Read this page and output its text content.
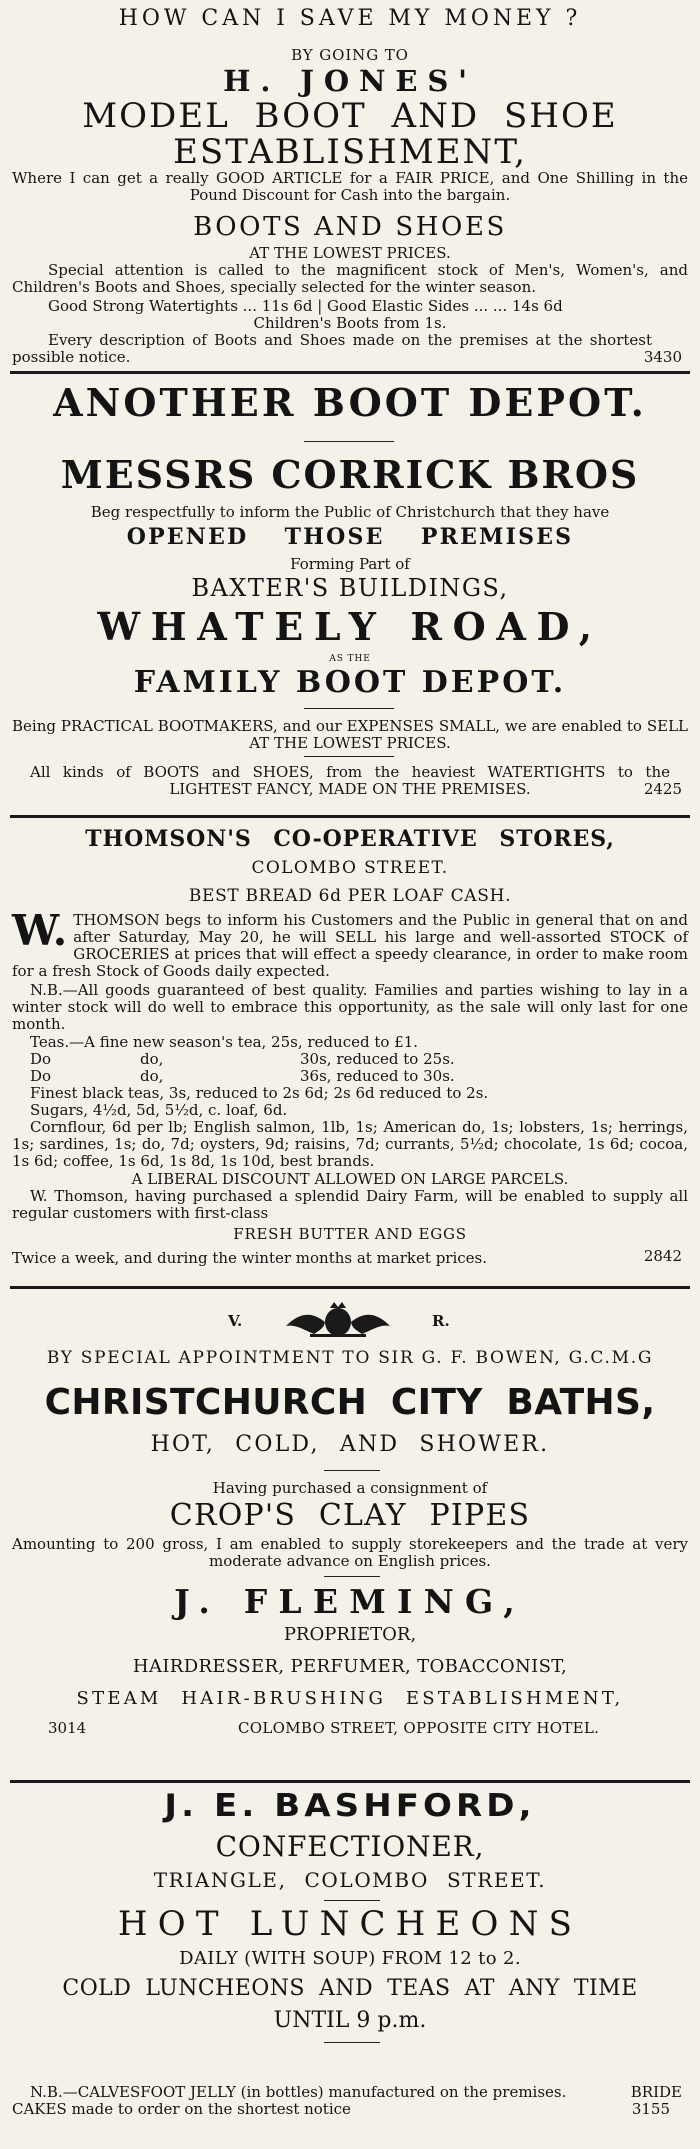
HOW CAN I SAVE MY MONEY ?
BY GOING TO
H. JONES'
MODEL BOOT AND SHOE
ESTABLISHMENT,
Where I can get a really GOOD ARTICLE for a FAIR PRICE, and One Shilling in the Pound Discount for Cash into the bargain.
BOOTS AND SHOES
AT THE LOWEST PRICES.
Special attention is called to the magnificent stock of Men's, Women's, and Children's Boots and Shoes, specially selected for the winter season.
Good Strong Watertights ... 11s 6d | Good Elastic Sides ... ... 14s 6d
Children's Boots from 1s.
Every description of Boots and Shoes made on the premises at the shortest possible notice.	3430
ANOTHER BOOT DEPOT.
MESSRS CORRICK BROS
Beg respectfully to inform the Public of Christchurch that they have
OPENED THOSE PREMISES
Forming Part of
BAXTER'S BUILDINGS,
WHATELY ROAD,
AS THE
FAMILY BOOT DEPOT.
Being PRACTICAL BOOTMAKERS, and our EXPENSES SMALL, we are enabled to SELL AT THE LOWEST PRICES.
All kinds of BOOTS and SHOES, from the heaviest WATERTIGHTS to the LIGHTEST FANCY, MADE ON THE PREMISES.	2425
THOMSON'S CO-OPERATIVE STORES,
COLOMBO STREET.
BEST BREAD 6d PER LOAF CASH.
W. THOMSON begs to inform his Customers and the Public in general that on and after Saturday, May 20, he will SELL his large and well-assorted STOCK of GROCERIES at prices that will effect a speedy clearance, in order to make room for a fresh Stock of Goods daily expected.
N.B.—All goods guaranteed of best quality. Families and parties wishing to lay in a winter stock will do well to embrace this opportunity, as the sale will only last for one month.
Teas.—A fine new season's tea, 25s, reduced to £1.
Do	do,	30s, reduced to 25s.
Do	do,	36s, reduced to 30s.
Finest black teas, 3s, reduced to 2s 6d; 2s 6d reduced to 2s.
Sugars, 4½d, 5d, 5½d, c. loaf, 6d.
Cornflour, 6d per lb; English salmon, 1lb, 1s; American do, 1s; lobsters, 1s; herrings, 1s; sardines, 1s; do, 7d; oysters, 9d; raisins, 7d; currants, 5½d; chocolate, 1s 6d; cocoa, 1s 6d; coffee, 1s 6d, 1s 8d, 1s 10d, best brands.
A LIBERAL DISCOUNT ALLOWED ON LARGE PARCELS.
W. Thomson, having purchased a splendid Dairy Farm, will be enabled to supply all regular customers with first-class
FRESH BUTTER AND EGGS
Twice a week, and during the winter months at market prices.	2842
V.	R.
BY SPECIAL APPOINTMENT TO SIR G. F. BOWEN, G.C.M.G
CHRISTCHURCH CITY BATHS,
HOT, COLD, AND SHOWER.
Having purchased a consignment of
CROP'S CLAY PIPES
Amounting to 200 gross, I am enabled to supply storekeepers and the trade at very moderate advance on English prices.
J. FLEMING,
PROPRIETOR,
HAIRDRESSER, PERFUMER, TOBACCONIST,
STEAM HAIR-BRUSHING ESTABLISHMENT,
3014	COLOMBO STREET, OPPOSITE CITY HOTEL.
J. E. BASHFORD,
CONFECTIONER,
TRIANGLE, COLOMBO STREET.
HOT LUNCHEONS
DAILY (WITH SOUP) FROM 12 to 2.
COLD LUNCHEONS AND TEAS AT ANY TIME
UNTIL 9 p.m.
N.B.—CALVESFOOT JELLY (in bottles) manufactured on the premises.	BRIDE
CAKES made to order on the shortest notice	3155
